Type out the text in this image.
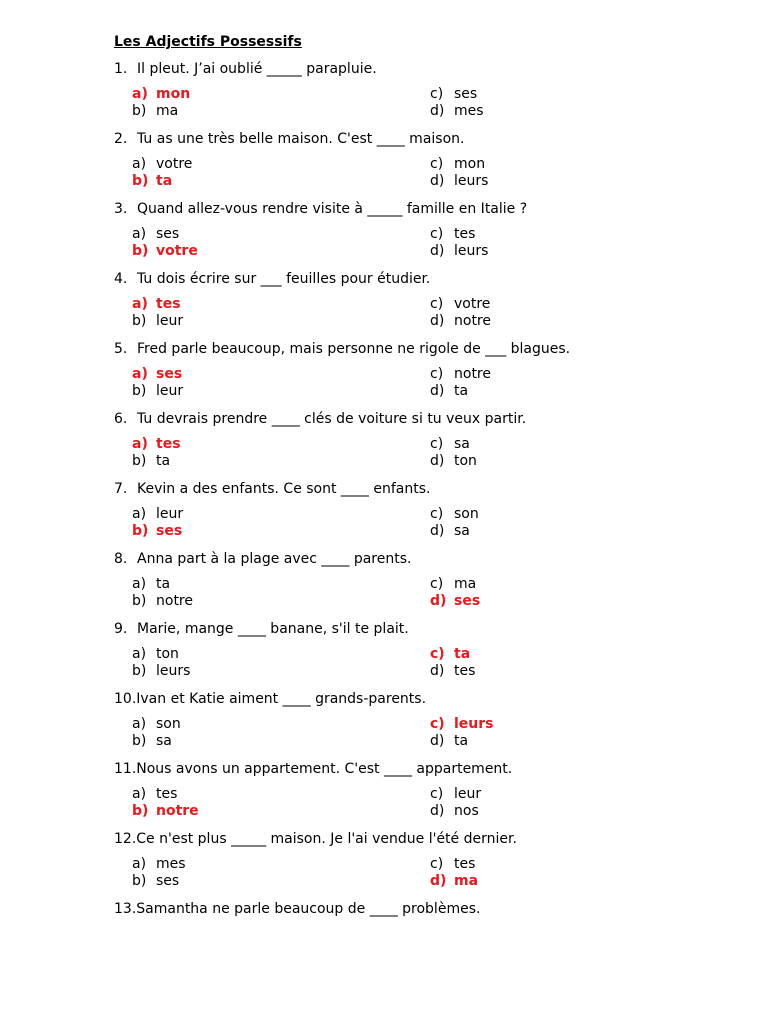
Les Adjectifs Possessifs
1. Il pleut. J’ai oublié _____ parapluie.
a) mon
b) ma
c) ses
d) mes
2. Tu as une très belle maison. C'est ____ maison.
a) votre
b) ta
c) mon
d) leurs
3. Quand allez-vous rendre visite à _____ famille en Italie ?
a) ses
b) votre
c) tes
d) leurs
4. Tu dois écrire sur ___ feuilles pour étudier.
a) tes
b) leur
c) votre
d) notre
5. Fred parle beaucoup, mais personne ne rigole de ___ blagues.
a) ses
b) leur
c) notre
d) ta
6. Tu devrais prendre ____ clés de voiture si tu veux partir.
a) tes
b) ta
c) sa
d) ton
7. Kevin a des enfants. Ce sont ____ enfants.
a) leur
b) ses
c) son
d) sa
8. Anna part à la plage avec ____ parents.
a) ta
b) notre
c) ma
d) ses
9. Marie, mange ____ banane, s'il te plait.
a) ton
b) leurs
c) ta
d) tes
10. Ivan et Katie aiment ____ grands-parents.
a) son
b) sa
c) leurs
d) ta
11. Nous avons un appartement. C'est ____ appartement.
a) tes
b) notre
c) leur
d) nos
12. Ce n'est plus _____ maison. Je l'ai vendue l'été dernier.
a) mes
b) ses
c) tes
d) ma
13. Samantha ne parle beaucoup de ____ problèmes.
